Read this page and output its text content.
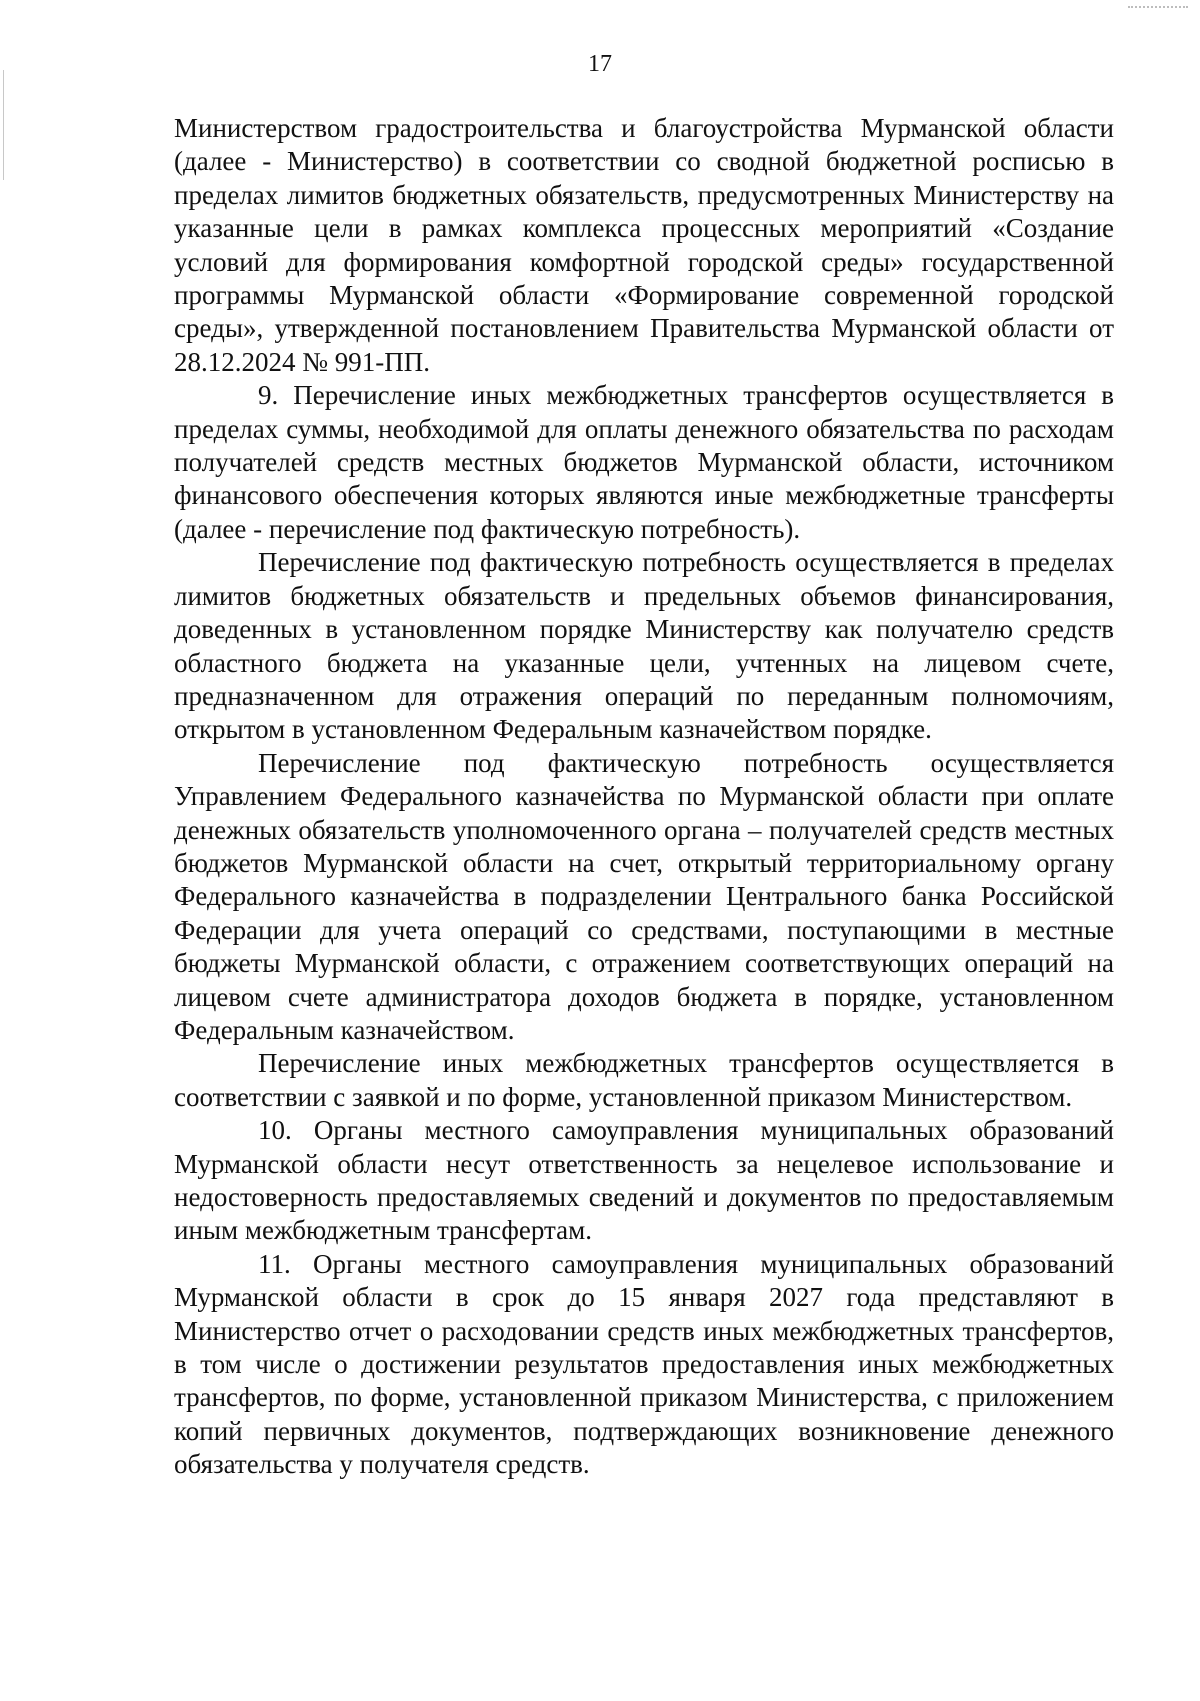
17

Министерством градостроительства и благоустройства Мурманской области (далее - Министерство) в соответствии со сводной бюджетной росписью в пределах лимитов бюджетных обязательств, предусмотренных Министерству на указанные цели в рамках комплекса процессных мероприятий «Создание условий для формирования комфортной городской среды» государственной программы Мурманской области «Формирование современной городской среды», утвержденной постановлением Правительства Мурманской области от 28.12.2024 № 991-ПП.

9. Перечисление иных межбюджетных трансфертов осуществляется в пределах суммы, необходимой для оплаты денежного обязательства по расходам получателей средств местных бюджетов Мурманской области, источником финансового обеспечения которых являются иные межбюджетные трансферты (далее - перечисление под фактическую потребность).

Перечисление под фактическую потребность осуществляется в пределах лимитов бюджетных обязательств и предельных объемов финансирования, доведенных в установленном порядке Министерству как получателю средств областного бюджета на указанные цели, учтенных на лицевом счете, предназначенном для отражения операций по переданным полномочиям, открытом в установленном Федеральным казначейством порядке.

Перечисление под фактическую потребность осуществляется Управлением Федерального казначейства по Мурманской области при оплате денежных обязательств уполномоченного органа – получателей средств местных бюджетов Мурманской области на счет, открытый территориальному органу Федерального казначейства в подразделении Центрального банка Российской Федерации для учета операций со средствами, поступающими в местные бюджеты Мурманской области, с отражением соответствующих операций на лицевом счете администратора доходов бюджета в порядке, установленном Федеральным казначейством.

Перечисление иных межбюджетных трансфертов осуществляется в соответствии с заявкой и по форме, установленной приказом Министерством.

10. Органы местного самоуправления муниципальных образований Мурманской области несут ответственность за нецелевое использование и недостоверность предоставляемых сведений и документов по предоставляемым иным межбюджетным трансфертам.

11. Органы местного самоуправления муниципальных образований Мурманской области в срок до 15 января 2027 года представляют в Министерство отчет о расходовании средств иных межбюджетных трансфертов, в том числе о достижении результатов предоставления иных межбюджетных трансфертов, по форме, установленной приказом Министерства, с приложением копий первичных документов, подтверждающих возникновение денежного обязательства у получателя средств.
